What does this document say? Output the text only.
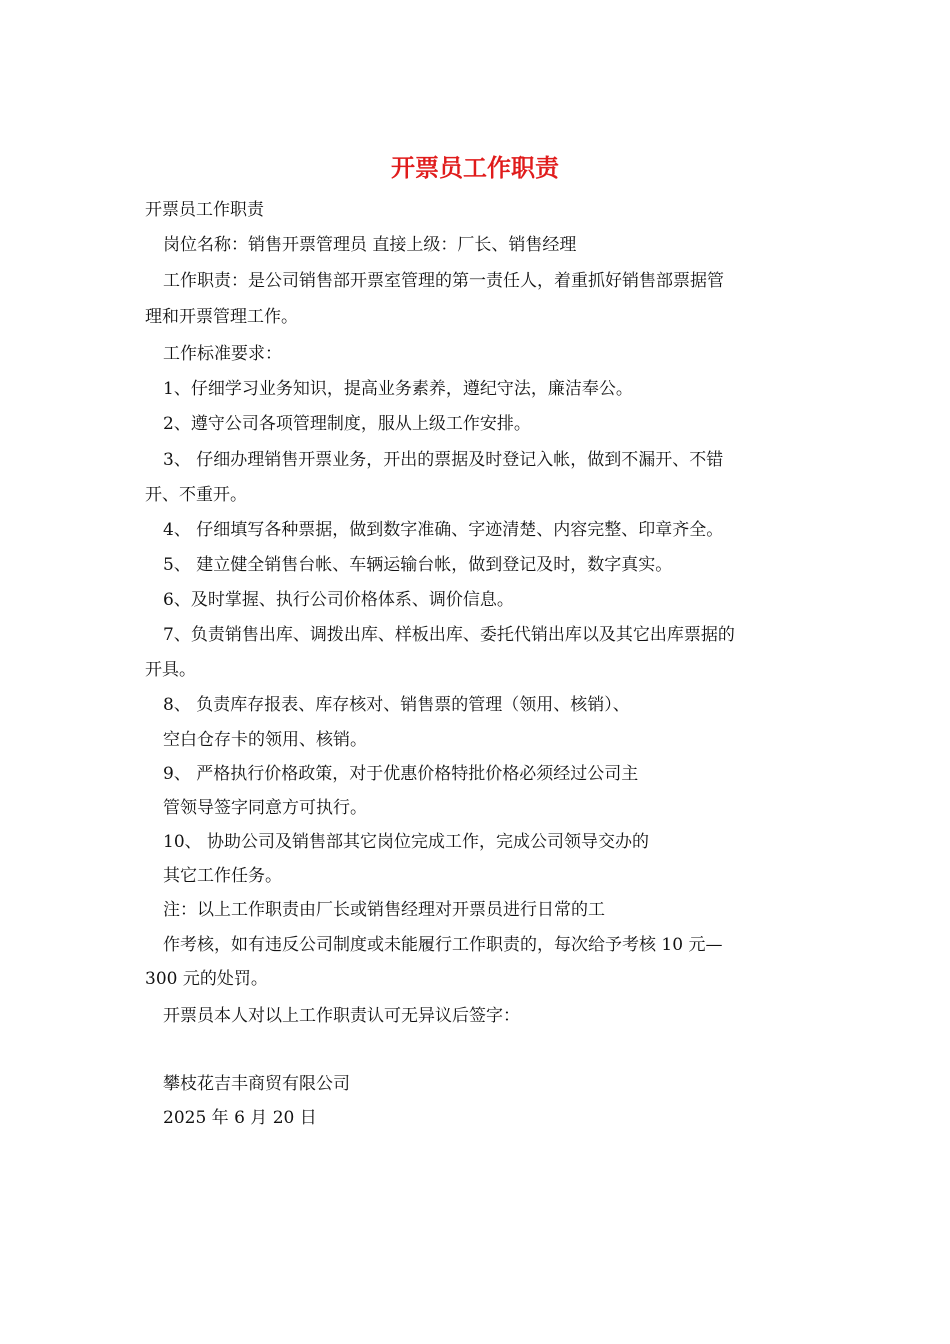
开票员工作职责
开票员工作职责
岗位名称：销售开票管理员 直接上级：厂长、销售经理
工作职责：是公司销售部开票室管理的第一责任人，着重抓好销售部票据管
理和开票管理工作。
工作标准要求：
1、仔细学习业务知识，提高业务素养，遵纪守法，廉洁奉公。
2、遵守公司各项管理制度，服从上级工作安排。
3、 仔细办理销售开票业务，开出的票据及时登记入帐，做到不漏开、不错
开、不重开。
4、 仔细填写各种票据，做到数字准确、字迹清楚、内容完整、印章齐全。
5、 建立健全销售台帐、车辆运输台帐，做到登记及时，数字真实。
6、及时掌握、执行公司价格体系、调价信息。
7、负责销售出库、调拨出库、样板出库、委托代销出库以及其它出库票据的
开具。
8、 负责库存报表、库存核对、销售票的管理（领用、核销）、
空白仓存卡的领用、核销。
9、 严格执行价格政策，对于优惠价格特批价格必须经过公司主
管领导签字同意方可执行。
10、 协助公司及销售部其它岗位完成工作，完成公司领导交办的
其它工作任务。
注：以上工作职责由厂长或销售经理对开票员进行日常的工
作考核，如有违反公司制度或未能履行工作职责的，每次给予考核 10 元—
300 元的处罚。
开票员本人对以上工作职责认可无异议后签字：
攀枝花吉丰商贸有限公司
2025 年 6 月 20 日
